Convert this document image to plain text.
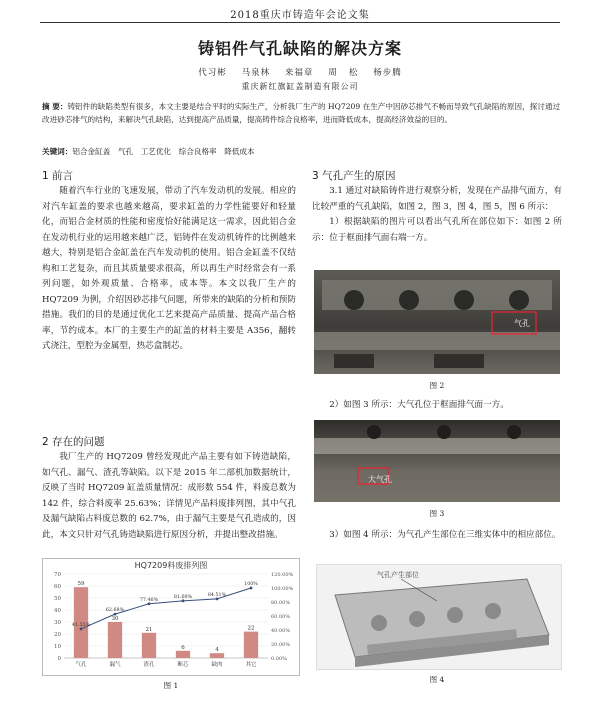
2018重庆市铸造年会论文集
铸铝件气孔缺陷的解决方案
代习彬 马泉林 来福章 周 松 杨步腾
重庆新红旗缸盖制造有限公司
摘 要：铸铝件的缺陷类型有很多，本文主要是结合平时的实际生产，分析我厂生产的 HQ7209 在生产中因砂芯排气不畅而导致气孔缺陷的原因，探讨通过改进砂芯排气的结构，来解决气孔缺陷，达到提高产品质量，提高铸件综合良格率，进而降低成本，提高经济效益的目的。
关键词：铝合金缸盖　气孔　工艺优化　综合良格率　降低成本
1 前言

随着汽车行业的飞速发展，带动了汽车发动机的发展。相应的对汽车缸盖的要求也越来越高，要求缸盖的力学性能要好和轻量化，而铝合金材质的性能和密度恰好能满足这一需求，因此铝合金在发动机行业的运用越来越广泛，铝铸件在发动机铸件的比例越来越大，特别是铝合金缸盖在汽车发动机的使用。铝合金缸盖不仅结构和工艺复杂，而且其质量要求很高，所以再生产时经常会有一系列问题，如外观质量、合格率，成本等。本文以我厂生产的 HQ7209 为例，介绍因砂芯排气问题，所带来的缺陷的分析和预防措施。我们的目的是通过优化工艺来提高产品质量、提高产品合格率，节约成本。本厂的主要生产的缸盖的材料主要是 A356，翻转式浇注，型腔为金属型，热芯盒制芯。

2 存在的问题

我厂生产的 HQ7209 曾经发现此产品主要有如下铸造缺陷，如气孔、漏气、渣孔等缺陷。以下是 2015 年二部机加数据统计，反映了当时 HQ7209 缸盖质量情况：成形数 554 件，料废总数为 142 件，综合料废率 25.63%；详情见产品料废排列图，其中气孔及漏气缺陷占料废总数的 62.7%，由于漏气主要是气孔造成的，因此，本文只针对气孔铸造缺陷进行原因分析，并提出整改措施。

HQ7209料废排列图
0
10
20
30
40
50
60
70
0.00%
20.00%
40.00%
60.00%
80.00%
100.00%
120.00%
59
气孔
30
漏气
21
渣孔
6
断芯
4
缺肉
22
其它
41.55%
62.68%
77.46%
81.69%	84.51%
100%
图 1
3 气孔产生的原因

3.1 通过对缺陷铸件进行观察分析，发现在产品排气面方，有比较严重的气孔缺陷，如图 2，图 3，图 4，图 5，图 6 所示：

1）根据缺陷的图片可以看出气孔所在部位如下：如图 2 所示：位于框面排气面右端一方。

气孔
图 2

2）如图 3 所示：大气孔位于框面排气面一方。

大气孔
图 3

3）如图 4 所示：为气孔产生部位在三维实体中的相应部位。

气孔产生部位
图 4
